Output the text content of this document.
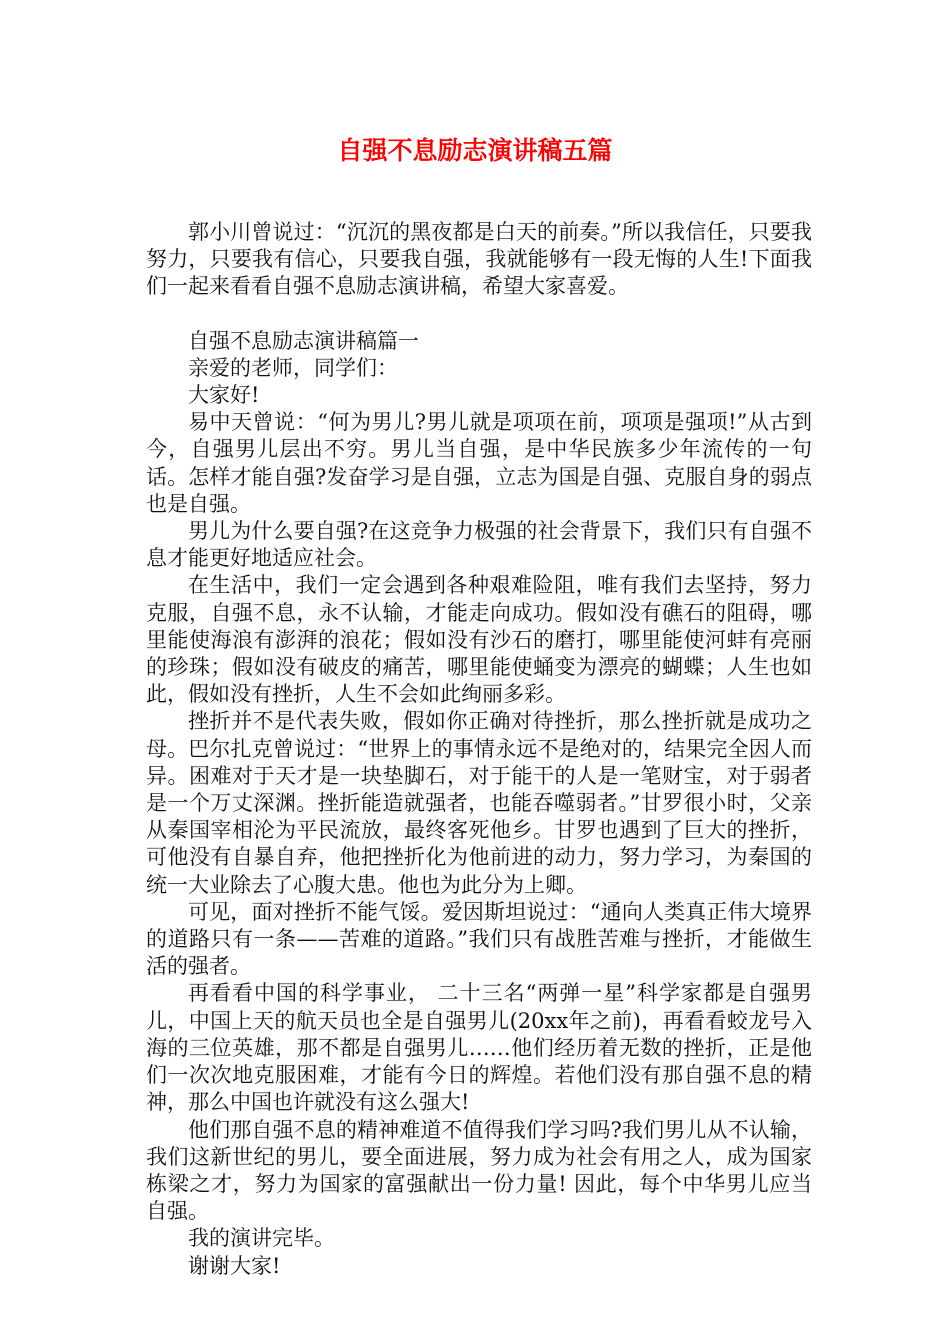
自强不息励志演讲稿五篇

郭小川曾说过：“沉沉的黑夜都是白天的前奏。”所以我信任，只要我努力，只要我有信心，只要我自强，我就能够有一段无悔的人生!下面我们一起来看看自强不息励志演讲稿，希望大家喜爱。

自强不息励志演讲稿篇一

亲爱的老师，同学们：

大家好!

易中天曾说：“何为男儿?男儿就是项项在前，项项是强项!”从古到今，自强男儿层出不穷。男儿当自强，是中华民族多少年流传的一句话。怎样才能自强?发奋学习是自强，立志为国是自强、克服自身的弱点也是自强。

男儿为什么要自强?在这竞争力极强的社会背景下，我们只有自强不息才能更好地适应社会。

在生活中，我们一定会遇到各种艰难险阻，唯有我们去坚持，努力克服，自强不息，永不认输，才能走向成功。假如没有礁石的阻碍，哪里能使海浪有澎湃的浪花；假如没有沙石的磨打，哪里能使河蚌有亮丽的珍珠；假如没有破皮的痛苦，哪里能使蛹变为漂亮的蝴蝶；人生也如此，假如没有挫折，人生不会如此绚丽多彩。

挫折并不是代表失败，假如你正确对待挫折，那么挫折就是成功之母。巴尔扎克曾说过：“世界上的事情永远不是绝对的，结果完全因人而异。困难对于天才是一块垫脚石，对于能干的人是一笔财宝，对于弱者是一个万丈深渊。挫折能造就强者，也能吞噬弱者。”甘罗很小时，父亲从秦国宰相沦为平民流放，最终客死他乡。甘罗也遇到了巨大的挫折，可他没有自暴自弃，他把挫折化为他前进的动力，努力学习，为秦国的统一大业除去了心腹大患。他也为此分为上卿。

可见，面对挫折不能气馁。爱因斯坦说过：“通向人类真正伟大境界的道路只有一条——苦难的道路。”我们只有战胜苦难与挫折，才能做生活的强者。

再看看中国的科学事业， 二十三名“两弹一星”科学家都是自强男儿，中国上天的航天员也全是自强男儿(20xx年之前)，再看看蛟龙号入海的三位英雄，那不都是自强男儿……他们经历着无数的挫折，正是他们一次次地克服困难，才能有今日的辉煌。若他们没有那自强不息的精神，那么中国也许就没有这么强大!

他们那自强不息的精神难道不值得我们学习吗?我们男儿从不认输，我们这新世纪的男儿，要全面进展，努力成为社会有用之人，成为国家栋梁之才，努力为国家的富强献出一份力量! 因此，每个中华男儿应当自强。

我的演讲完毕。

谢谢大家!
